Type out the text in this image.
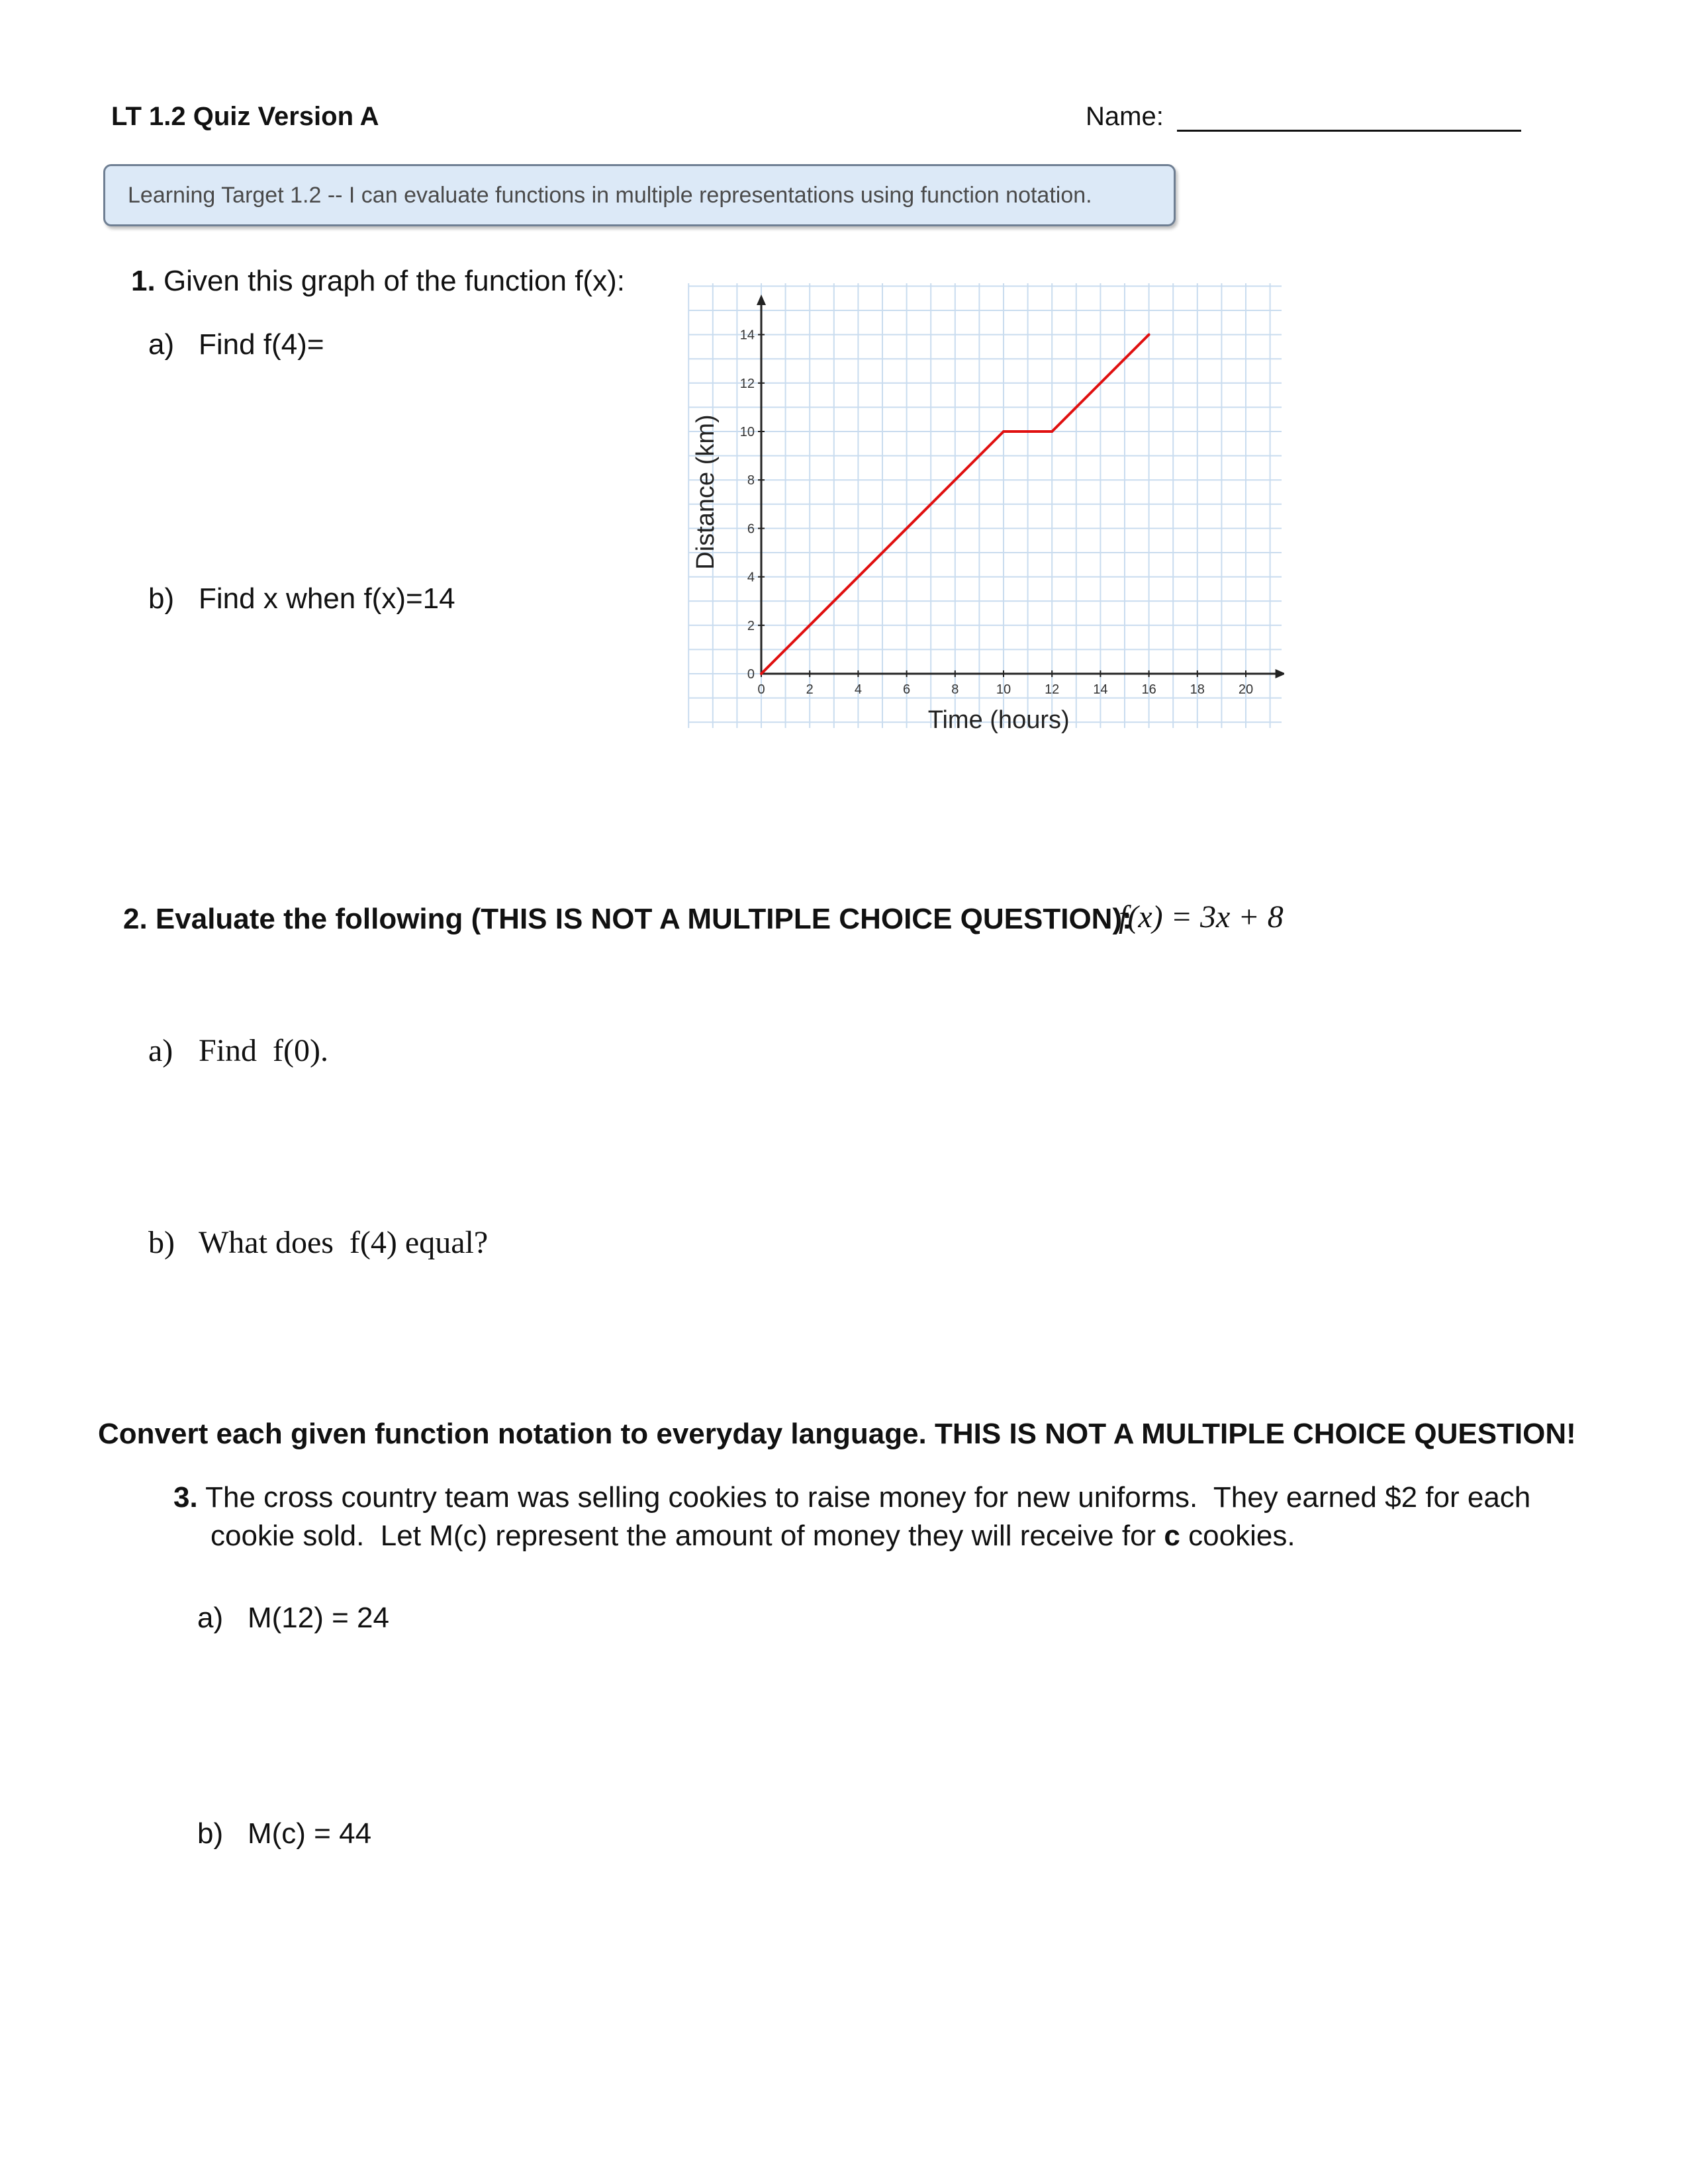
LT 1.2 Quiz Version A	Name:
Learning Target 1.2 -- I can evaluate functions in multiple representations using function notation.
1. Given this graph of the function f(x):
a) Find f(4)=
b) Find x when f(x)=14
0	2	4	6	8	10	12	14	16	18	20
0
2
4
6
8
10
12
14
Time (hours)
Distance (km)
2. Evaluate the following (THIS IS NOT A MULTIPLE CHOICE QUESTION):
f(x) = 3x + 8
a) Find  f(0).
b) What does  f(4) equal?
Convert each given function notation to everyday language. THIS IS NOT A MULTIPLE CHOICE QUESTION!
3. The cross country team was selling cookies to raise money for new uniforms.  They earned $2 for each
cookie sold.  Let M(c) represent the amount of money they will receive for c cookies.
a) M(12) = 24
b) M(c) = 44
